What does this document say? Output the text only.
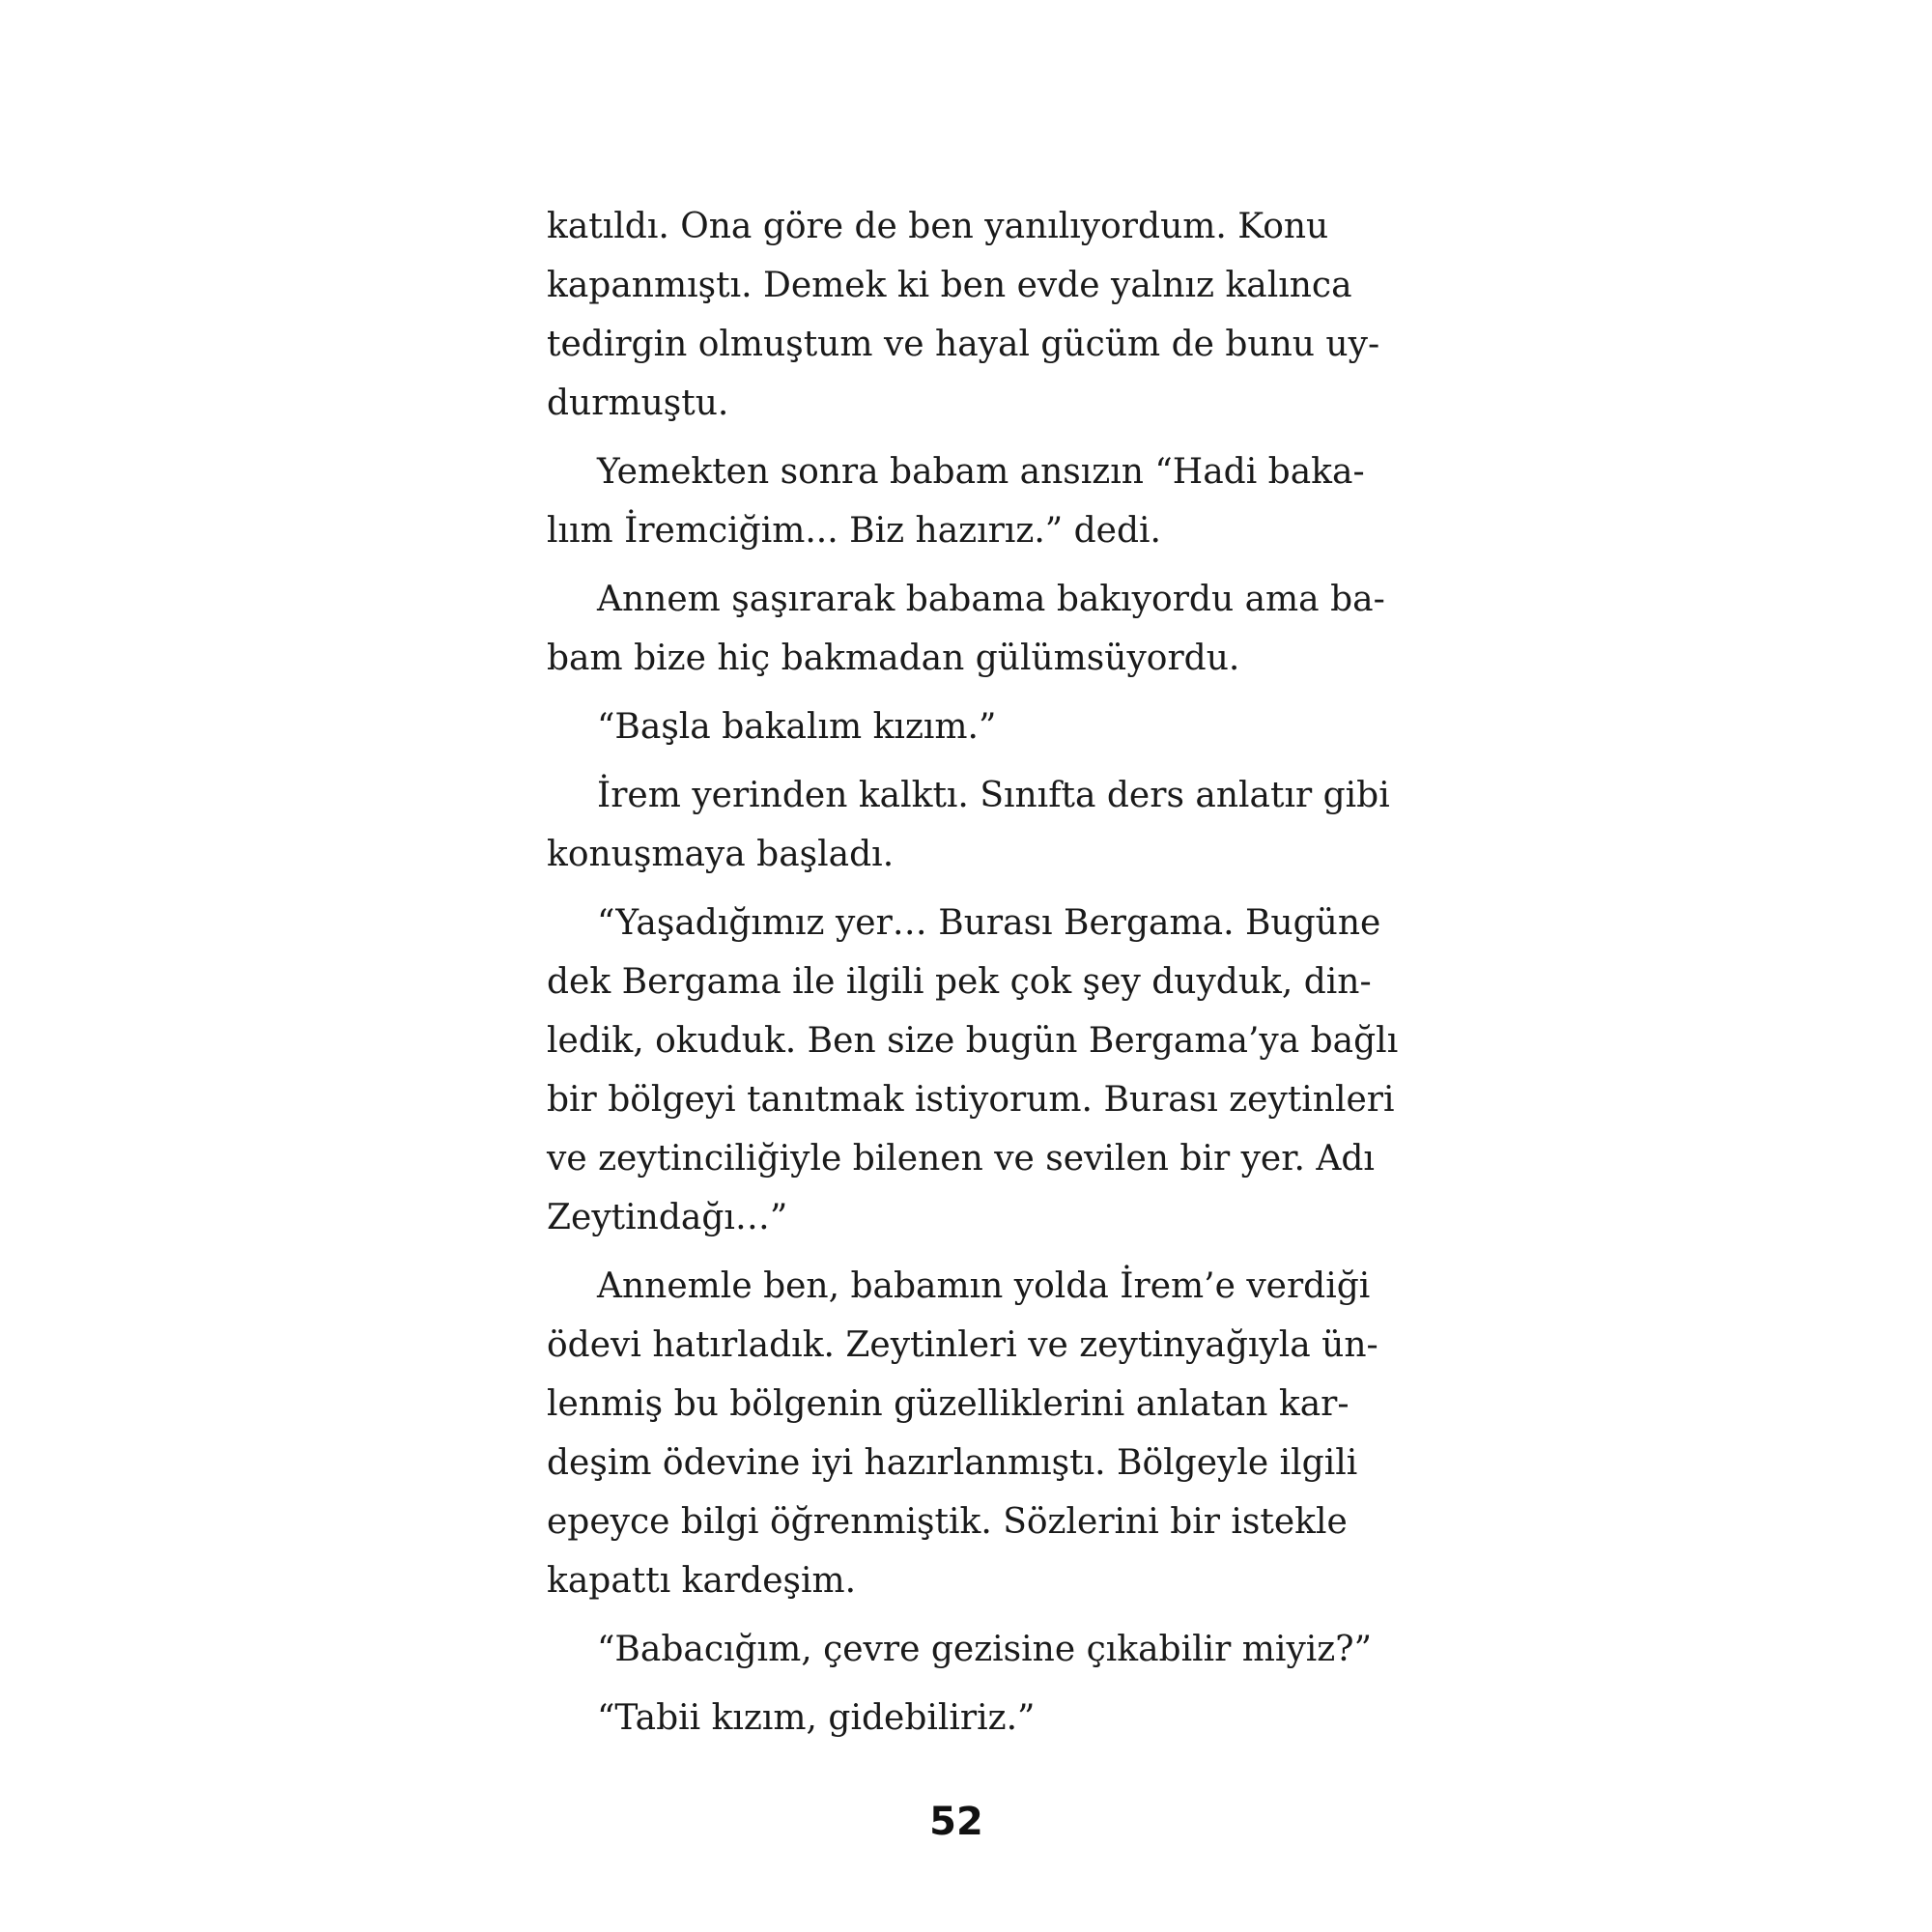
katıldı. Ona göre de ben yanılıyordum. Konu
kapanmıştı. Demek ki ben evde yalnız kalınca
tedirgin olmuştum ve hayal gücüm de bunu uy-
durmuştu.
Yemekten sonra babam ansızın “Hadi baka-
lıım İremciğim... Biz hazırız.” dedi.
Annem şaşırarak babama bakıyordu ama ba-
bam bize hiç bakmadan gülümsüyordu.
“Başla bakalım kızım.”
İrem yerinden kalktı. Sınıfta ders anlatır gibi
konuşmaya başladı.
“Yaşadığımız yer… Burası Bergama. Bugüne
dek Bergama ile ilgili pek çok şey duyduk, din-
ledik, okuduk. Ben size bugün Bergama’ya bağlı
bir bölgeyi tanıtmak istiyorum. Burası zeytinleri
ve zeytinciliğiyle bilenen ve sevilen bir yer. Adı
Zeytindağı…”
Annemle ben, babamın yolda İrem’e verdiği
ödevi hatırladık. Zeytinleri ve zeytinyağıyla ün-
lenmiş bu bölgenin güzelliklerini anlatan kar-
deşim ödevine iyi hazırlanmıştı. Bölgeyle ilgili
epeyce bilgi öğrenmiştik. Sözlerini bir istekle
kapattı kardeşim.
“Babacığım, çevre gezisine çıkabilir miyiz?”
“Tabii kızım, gidebiliriz.”
52
